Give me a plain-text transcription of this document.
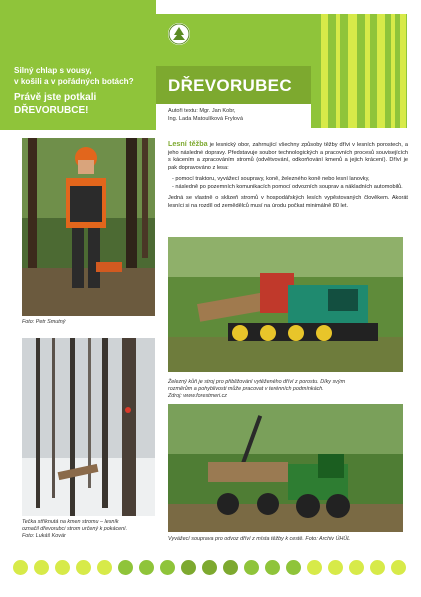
Silný chlap s vousy,
v košili a v pořádných botách?
Právě jste potkali
DŘEVORUBCE!
DŘEVORUBEC
Autoři textu: Mgr. Jan Kobr,
Ing. Lada Matoulíková Frylová
Foto: Petr Smutný
Tečka stříknutá na kmen stromu – lesník
označil dřevorubci strom určený k pokácení.
Foto: Lukáš Kovár

Lesní těžba je lesnický obor, zahrnující všechny způsoby těžby dřívi v lesních porostech, a jeho následné dopravy. Představuje soubor technologických a pracovních procesů souvisejících s kácením a zpracováním stromů (odvětvování, odkorňování kmenů a jejich krácení). Dříví je pak dopravováno z lesa:

- pomocí traktoru, vyvážecí soupravy, koně, železného koně nebo lesní lanovky,
- následně po pozemních komunikacích pomocí odvozních souprav a nákladních automobilů.

Jedná se vlastně o sklizeň stromů v hospodářských lesích vypěstovaných člověkem. Akorát lesníci si na rozdíl od zemědělců musí na úrodu počkat minimálně 80 let.

Železný kůň je stroj pro přibližování vytěženého dříví z porostu. Díky svým
rozměrům a pohyblivosti může pracovat v terénních podmínkách.
Zdroj: www.forestmeri.cz
Vyvážecí souprava pro odvoz dříví z místa těžby k cestě. Foto: Archiv ÚHÚL
